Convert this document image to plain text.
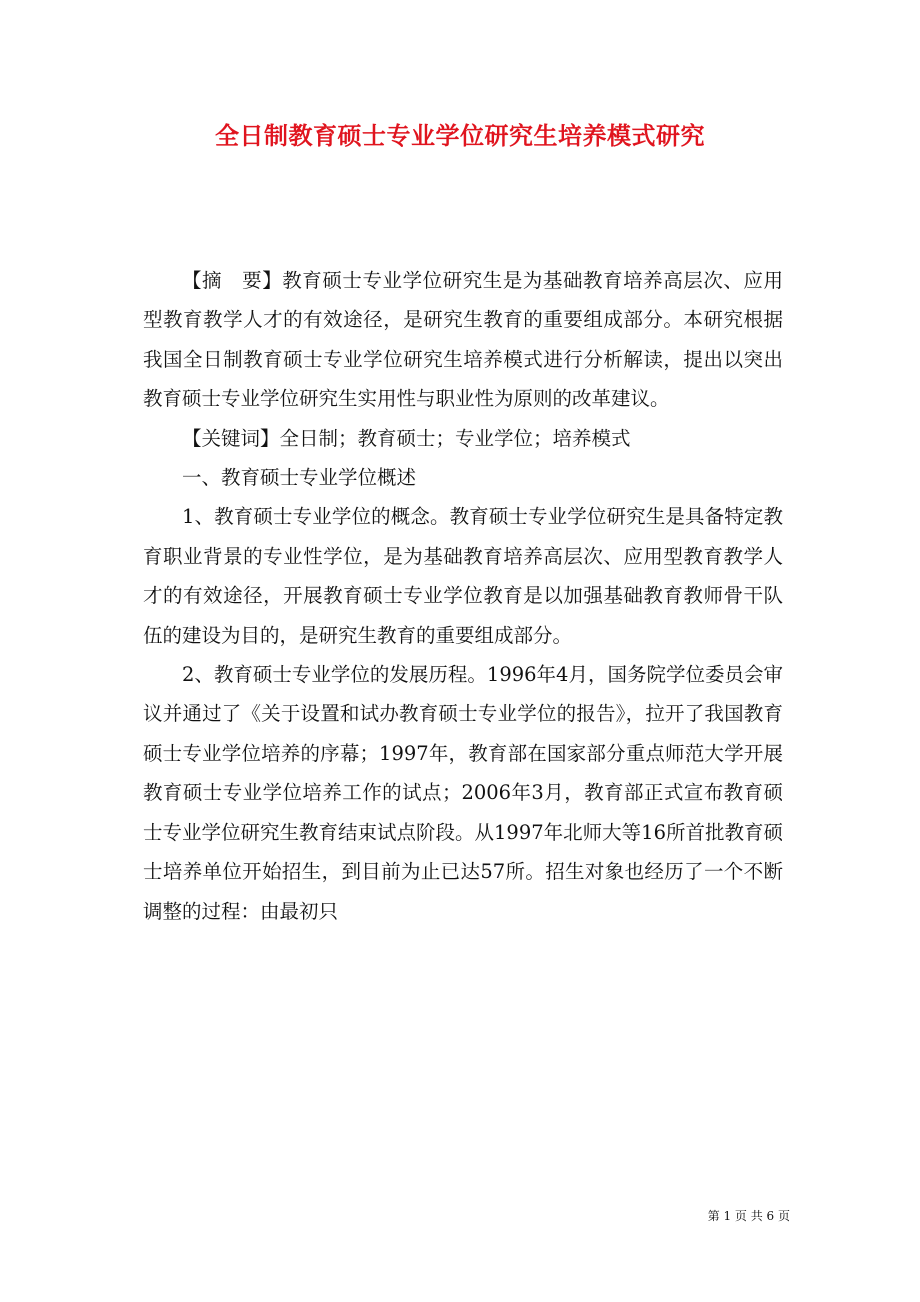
全日制教育硕士专业学位研究生培养模式研究

【摘　要】教育硕士专业学位研究生是为基础教育培养高层次、应用型教育教学人才的有效途径，是研究生教育的重要组成部分。本研究根据我国全日制教育硕士专业学位研究生培养模式进行分析解读，提出以突出教育硕士专业学位研究生实用性与职业性为原则的改革建议。

【关键词】全日制；教育硕士；专业学位；培养模式

一、教育硕士专业学位概述

1、教育硕士专业学位的概念。教育硕士专业学位研究生是具备特定教育职业背景的专业性学位，是为基础教育培养高层次、应用型教育教学人才的有效途径，开展教育硕士专业学位教育是以加强基础教育教师骨干队伍的建设为目的，是研究生教育的重要组成部分。

2、教育硕士专业学位的发展历程。1996年4月，国务院学位委员会审议并通过了《关于设置和试办教育硕士专业学位的报告》，拉开了我国教育硕士专业学位培养的序幕；1997年，教育部在国家部分重点师范大学开展教育硕士专业学位培养工作的试点；2006年3月，教育部正式宣布教育硕士专业学位研究生教育结束试点阶段。从1997年北师大等16所首批教育硕士培养单位开始招生，到目前为止已达57所。招生对象也经历了一个不断调整的过程：由最初只

第 1 页 共 6 页
